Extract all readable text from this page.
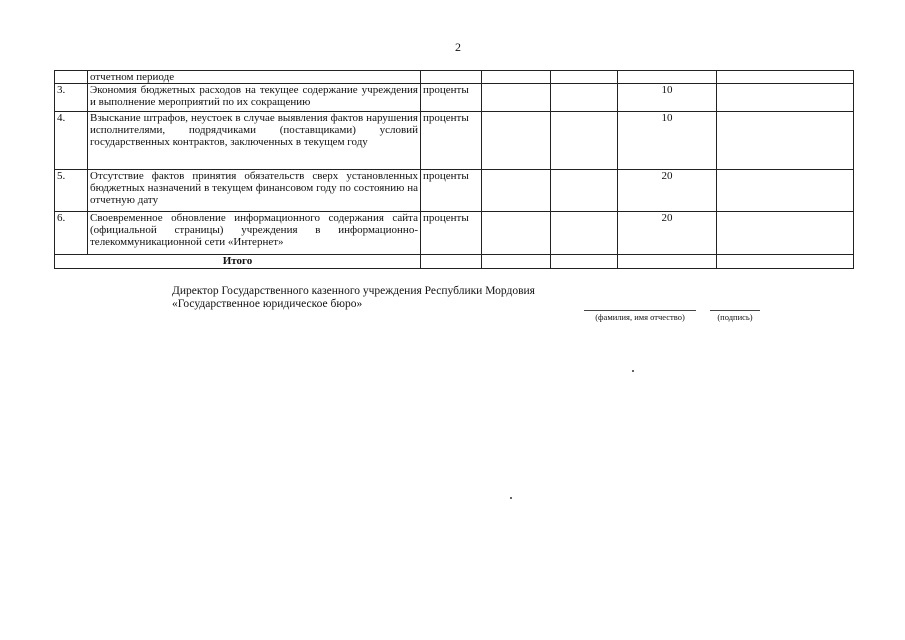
2
	отчетном периоде					
3.	Экономия бюджетных расходов на текущее содержание учреждения и выполнение мероприятий по их сокращению	проценты			10	
4.	Взыскание штрафов, неустоек в случае выявления фактов нарушения исполнителями, подрядчиками (поставщиками) условий государственных контрактов, заключенных в текущем году	проценты			10	
5.	Отсутствие фактов принятия обязательств сверх установленных бюджетных назначений в текущем финансовом году по состоянию на отчетную дату	проценты			20	
6.	Своевременное обновление информационного содержания сайта (официальной страницы) учреждения в информационно-телекоммуникационной сети «Интернет»	проценты			20	
Итого						
Директор Государственного казенного учреждения Республики Мордовия
«Государственное юридическое бюро»
(фамилия, имя отчество)	(подпись)
